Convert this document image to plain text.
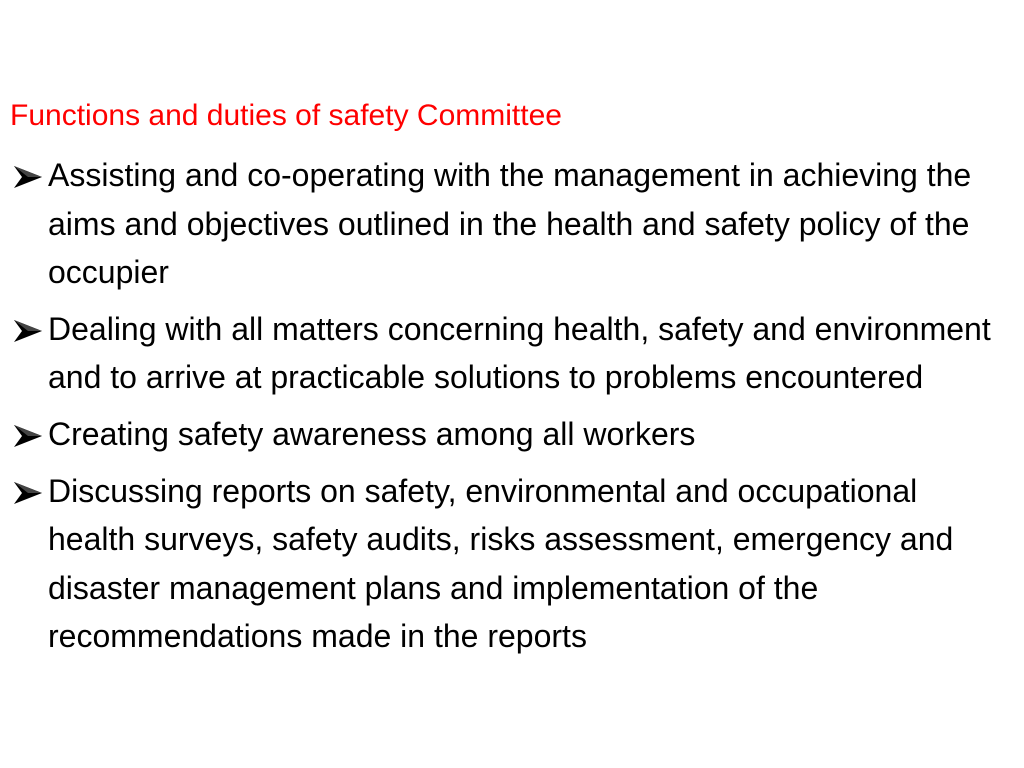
Functions and duties of safety Committee
Assisting and co-operating with the management in achieving the aims and objectives outlined in the health and safety policy of the occupier
Dealing with all matters concerning health, safety and environment and to arrive at practicable solutions to problems encountered
Creating safety awareness among all workers
Discussing reports on safety, environmental and occupational health surveys, safety audits, risks assessment, emergency and disaster management plans and implementation of the recommendations made in the reports
